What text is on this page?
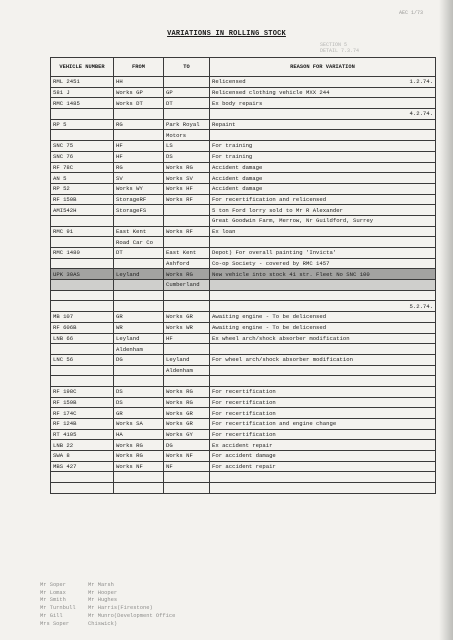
AEC 1/73
VARIATIONS IN ROLLING STOCK
SECTION 5
DETAIL 7.3.74
VEHICLE NUMBER	FROM	TO	REASON FOR VARIATION
RML 2451	HH		Relicensed 1.2.74.

581 J	Works GP	GP	Relicensed clothing vehicle MXX 244

RMC 1485	Works DT	DT	Ex body repairs

			4.2.74.

RP 5	RG	Park Royal	Repaint

		Motors	

SNC 75	HF	LS	For training

SNC 76	HF	DS	For training

RF 78C	RG	Works RG	Accident damage

AN 5	SV	Works SV	Accident damage

RP 52	Works WY	Works HF	Accident damage

RF 150B	StorageRF	Works RF	For recertification and relicensed

AMI542H	StorageFS		5 ton Ford lorry sold to Mr R Alexander

			Great Goodwin Farm, Merrow, Nr Guildford, Surrey

RMC 91	East Kent	Works RF	Ex loan

	Road Car Co		

RMC 1480	DT	East Kent	Depot) For overall painting 'Invicta'

		Ashford	Co-op Society - covered by RMC 1457

UPK 30AS	Leyland	Works RG	New vehicle into stock 41 str. Fleet No SNC 100

		Cumberland	

			5.2.74.

MB 107	GR	Works GR	Awaiting engine - To be delicensed

RF 606B	WR	Works WR	Awaiting engine - To be delicensed

LNB 66	Leyland	HF	Ex wheel arch/shock absorber modification

	Aldenham		

LNC 56	DG	Leyland	For wheel arch/shock absorber modification

		Aldenham	

RF 198C	DS	Works RG	For recertification

RF 159B	DS	Works RG	For recertification

RF 174C	GR	Works GR	For recertification

RF 124B	Works SA	Works GR	For recertification and engine change

RT 4105	HA	Works GY	For recertification

LNB 22	Works RG	DG	Ex accident repair

SWA 8	Works RG	Works NF	For accident damage

MBS 427	Works NF	NF	For accident repair

Mr Soper	Mr Marsh
Mr Lomax	Mr Hooper
Mr Smith	Mr Hughes
Mr Turnbull Mr Harris(Firestone)
Mr Gill	Mr Munro(Development Office
Mrs Soper	Chiswick)
